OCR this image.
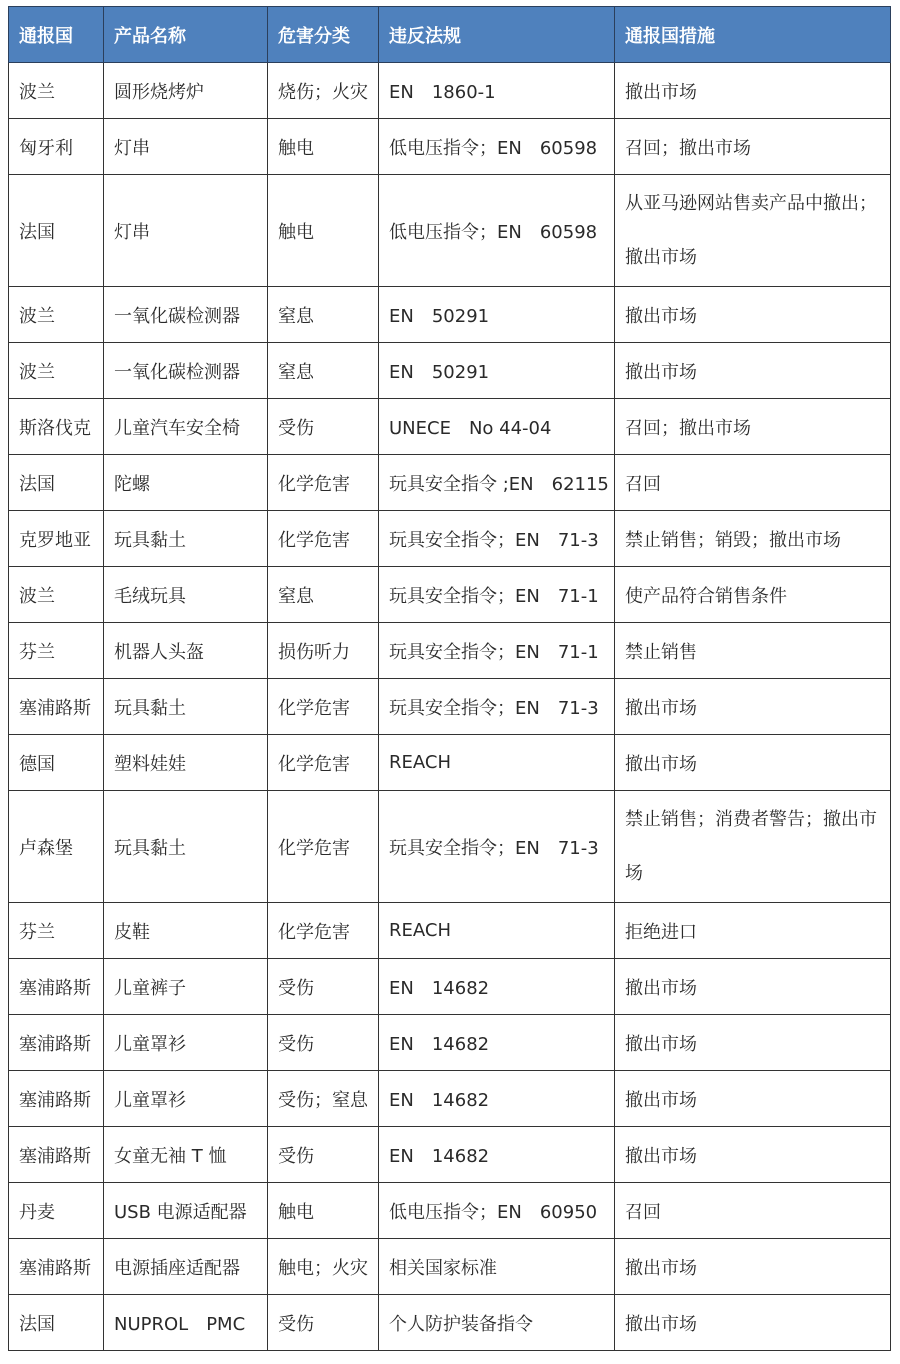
通报国	产品名称	危害分类	违反法规	通报国措施
波兰	圆形烧烤炉	烧伤；火灾	EN　1860-1	撤出市场
匈牙利	灯串	触电	低电压指令；EN　60598	召回；撤出市场
法国	灯串	触电	低电压指令；EN　60598	从亚马逊网站售卖产品中撤出；撤出市场
波兰	一氧化碳检测器	窒息	EN　50291	撤出市场
波兰	一氧化碳检测器	窒息	EN　50291	撤出市场
斯洛伐克	儿童汽车安全椅	受伤	UNECE　No 44-04	召回；撤出市场
法国	陀螺	化学危害	玩具安全指令 ;EN　62115	召回
克罗地亚	玩具黏土	化学危害	玩具安全指令；EN　71-3	禁止销售；销毁；撤出市场
波兰	毛绒玩具	窒息	玩具安全指令；EN　71-1	使产品符合销售条件
芬兰	机器人头盔	损伤听力	玩具安全指令；EN　71-1	禁止销售
塞浦路斯	玩具黏土	化学危害	玩具安全指令；EN　71-3	撤出市场
德国	塑料娃娃	化学危害	REACH	撤出市场
卢森堡	玩具黏土	化学危害	玩具安全指令；EN　71-3	禁止销售；消费者警告；撤出市场
芬兰	皮鞋	化学危害	REACH	拒绝进口
塞浦路斯	儿童裤子	受伤	EN　14682	撤出市场
塞浦路斯	儿童罩衫	受伤	EN　14682	撤出市场
塞浦路斯	儿童罩衫	受伤；窒息	EN　14682	撤出市场
塞浦路斯	女童无袖 T 恤	受伤	EN　14682	撤出市场
丹麦	USB 电源适配器	触电	低电压指令；EN　60950	召回
塞浦路斯	电源插座适配器	触电；火灾	相关国家标准	撤出市场
法国	NUPROL　PMC	受伤	个人防护装备指令	撤出市场
